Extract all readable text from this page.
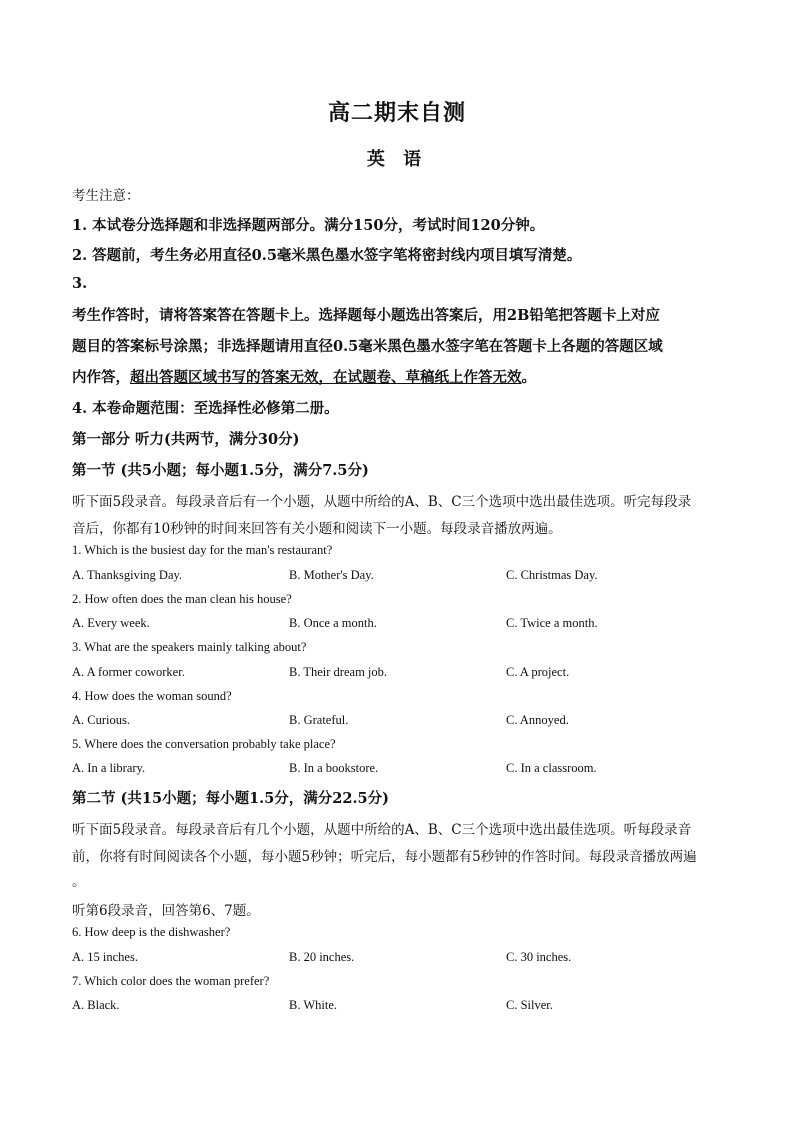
高二期末自测
英 语
考生注意：
1. 本试卷分选择题和非选择题两部分。满分150分，考试时间120分钟。
2. 答题前，考生务必用直径0.5毫米黑色墨水签字笔将密封线内项目填写清楚。
3.
考生作答时，请将答案答在答题卡上。选择题每小题选出答案后，用2B铅笔把答题卡上对应
题目的答案标号涂黑；非选择题请用直径0.5毫米黑色墨水签字笔在答题卡上各题的答题区域
内作答，超出答题区域书写的答案无效，在试题卷、草稿纸上作答无效。
4. 本卷命题范围：至选择性必修第二册。
第一部分 听力(共两节，满分30分)
第一节 (共5小题；每小题1.5分，满分7.5分)
听下面5段录音。每段录音后有一个小题，从题中所给的A、B、C三个选项中选出最佳选项。听完每段录
音后，你都有10秒钟的时间来回答有关小题和阅读下一小题。每段录音播放两遍。
1. Which is the busiest day for the man's restaurant?
A. Thanksgiving Day.	B. Mother's Day.	C. Christmas Day.
2. How often does the man clean his house?
A. Every week.	B. Once a month.	C. Twice a month.
3. What are the speakers mainly talking about?
A. A former coworker.	B. Their dream job.	C. A project.
4. How does the woman sound?
A. Curious.	B. Grateful.	C. Annoyed.
5. Where does the conversation probably take place?
A. In a library.	B. In a bookstore.	C. In a classroom.
第二节 (共15小题；每小题1.5分，满分22.5分)
听下面5段录音。每段录音后有几个小题，从题中所给的A、B、C三个选项中选出最佳选项。听每段录音
前，你将有时间阅读各个小题，每小题5秒钟；听完后，每小题都有5秒钟的作答时间。每段录音播放两遍
。
听第6段录音，回答第6、7题。
6. How deep is the dishwasher?
A. 15 inches.	B. 20 inches.	C. 30 inches.
7. Which color does the woman prefer?
A. Black.	B. White.	C. Silver.
